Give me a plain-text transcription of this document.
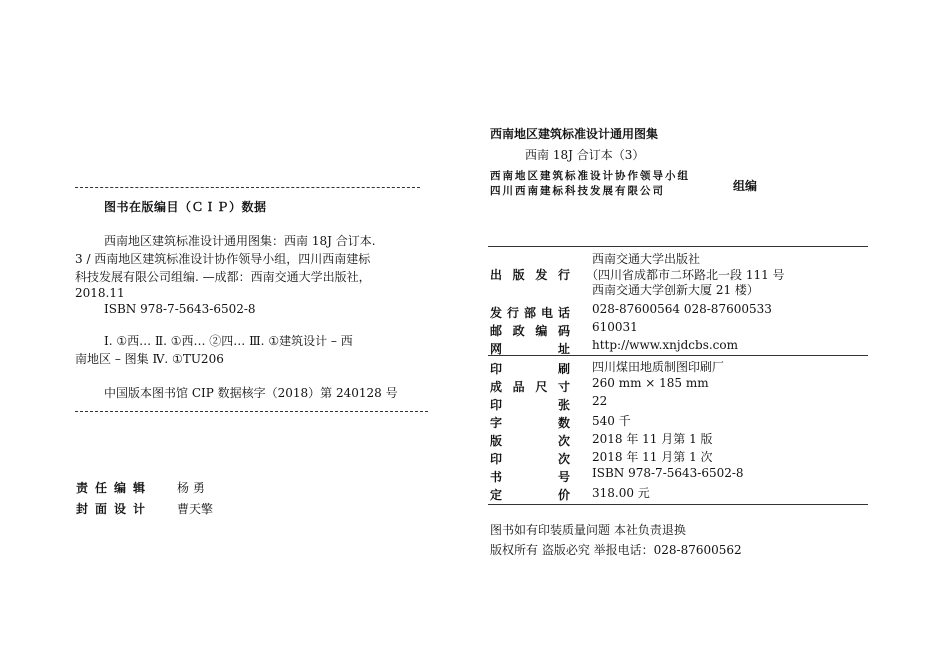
图书在版编目（ＣＩＰ）数据
西南地区建筑标准设计通用图集：西南 18J 合订本.
3 / 西南地区建筑标准设计协作领导小组，四川西南建标
科技发展有限公司组编. —成都：西南交通大学出版社，
2018.11
ISBN 978-7-5643-6502-8
Ⅰ. ①西… Ⅱ. ①西… ②四… Ⅲ. ①建筑设计 – 西
南地区 – 图集 Ⅳ. ①TU206
中国版本图书馆 CIP 数据核字（2018）第 240128 号
责任编辑 杨 勇
封面设计 曹天擎
西南地区建筑标准设计通用图集
西南 18J 合订本（3）
西南地区建筑标准设计协作领导小组
四川西南建标科技发展有限公司	组编
出版发行
西南交通大学出版社
（四川省成都市二环路北一段 111 号
西南交通大学创新大厦 21 楼）
发行部电话 028-87600564 028-87600533
邮政编码 610031
网址 http://www.xnjdcbs.com
印刷 四川煤田地质制图印刷厂
成品尺寸 260 mm × 185 mm
印张 22
字数 540 千
版次 2018 年 11 月第 1 版
印次 2018 年 11 月第 1 次
书号 ISBN 978-7-5643-6502-8
定价 318.00 元
图书如有印装质量问题 本社负责退换
版权所有 盗版必究 举报电话：028-87600562
